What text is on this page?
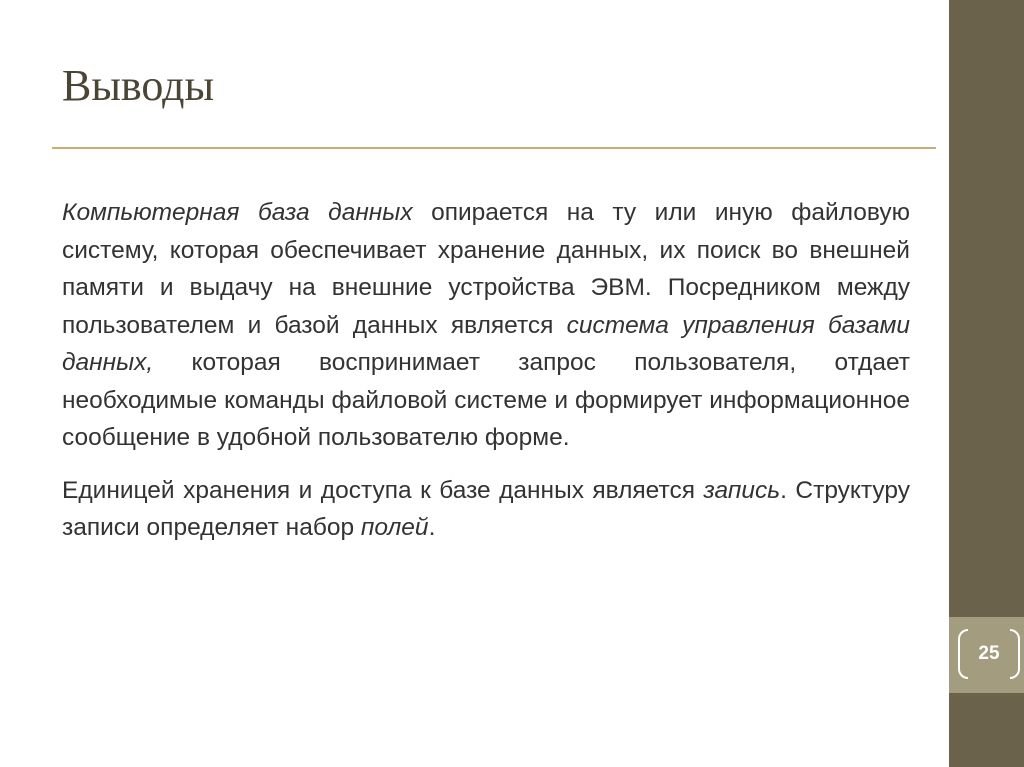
25
Выводы

Компьютерная база данных опирается на ту или иную файловую систему, которая обеспечивает хранение данных, их поиск во внешней памяти и выдачу на внешние устройства ЭВМ. Посредником между пользователем и базой данных является система управления базами данных, которая воспринимает запрос пользователя, отдает необходимые команды файловой системе и формирует информационное сообщение в удобной пользователю форме.

Единицей хранения и доступа к базе данных является запись. Структуру записи определяет набор полей.
